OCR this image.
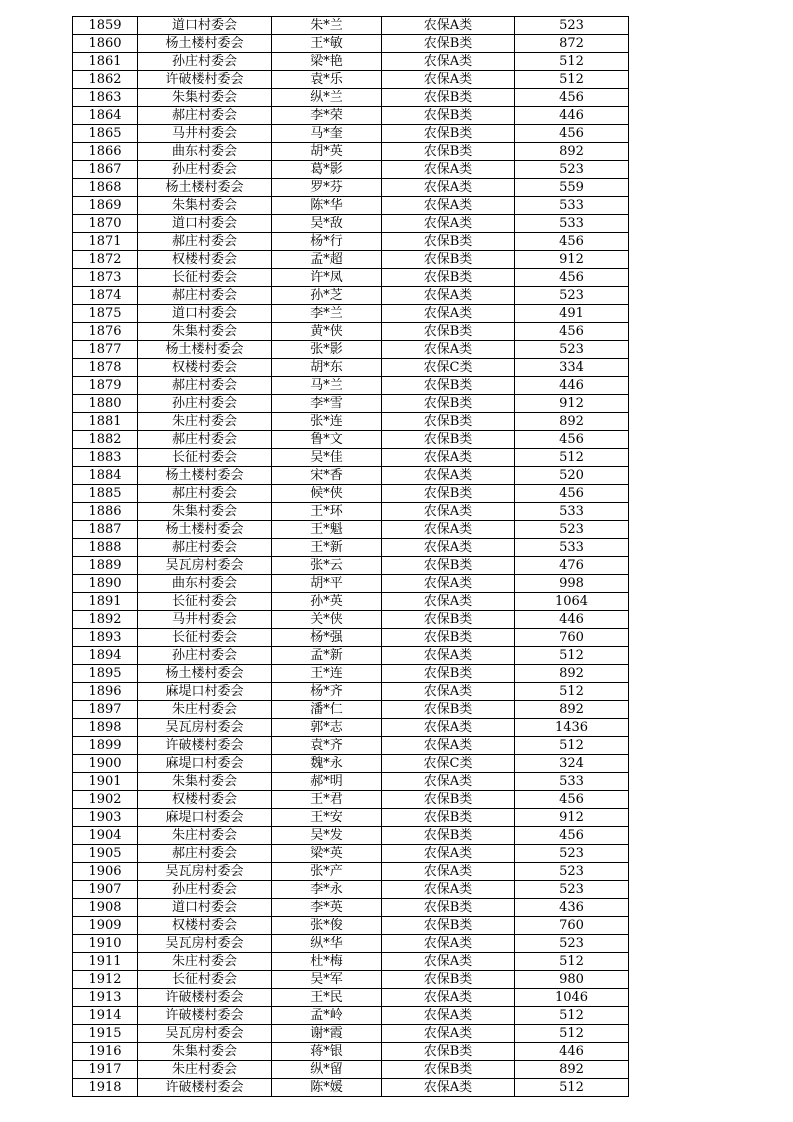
1859	道口村委会	朱*兰	农保A类	523
1860	杨土楼村委会	王*敏	农保B类	872
1861	孙庄村委会	梁*艳	农保A类	512
1862	许破楼村委会	袁*乐	农保A类	512
1863	朱集村委会	纵*兰	农保B类	456
1864	郝庄村委会	李*荣	农保B类	446
1865	马井村委会	马*奎	农保B类	456
1866	曲东村委会	胡*英	农保B类	892
1867	孙庄村委会	葛*影	农保A类	523
1868	杨土楼村委会	罗*芬	农保A类	559
1869	朱集村委会	陈*华	农保A类	533
1870	道口村委会	吴*敌	农保A类	533
1871	郝庄村委会	杨*行	农保B类	456
1872	权楼村委会	孟*超	农保B类	912
1873	长征村委会	许*凤	农保B类	456
1874	郝庄村委会	孙*芝	农保A类	523
1875	道口村委会	李*兰	农保A类	491
1876	朱集村委会	黄*侠	农保B类	456
1877	杨土楼村委会	张*影	农保A类	523
1878	权楼村委会	胡*东	农保C类	334
1879	郝庄村委会	马*兰	农保B类	446
1880	孙庄村委会	李*雪	农保B类	912
1881	朱庄村委会	张*连	农保B类	892
1882	郝庄村委会	鲁*文	农保B类	456
1883	长征村委会	吴*佳	农保A类	512
1884	杨土楼村委会	宋*香	农保A类	520
1885	郝庄村委会	候*侠	农保B类	456
1886	朱集村委会	王*环	农保A类	533
1887	杨土楼村委会	王*魁	农保A类	523
1888	郝庄村委会	王*新	农保A类	533
1889	吴瓦房村委会	张*云	农保B类	476
1890	曲东村委会	胡*平	农保A类	998
1891	长征村委会	孙*英	农保A类	1064
1892	马井村委会	关*侠	农保B类	446
1893	长征村委会	杨*强	农保B类	760
1894	孙庄村委会	孟*新	农保A类	512
1895	杨土楼村委会	王*连	农保B类	892
1896	麻堤口村委会	杨*齐	农保A类	512
1897	朱庄村委会	潘*仁	农保B类	892
1898	吴瓦房村委会	郭*志	农保A类	1436
1899	许破楼村委会	袁*齐	农保A类	512
1900	麻堤口村委会	魏*永	农保C类	324
1901	朱集村委会	郝*明	农保A类	533
1902	权楼村委会	王*君	农保B类	456
1903	麻堤口村委会	王*安	农保B类	912
1904	朱庄村委会	吴*发	农保B类	456
1905	郝庄村委会	梁*英	农保A类	523
1906	吴瓦房村委会	张*产	农保A类	523
1907	孙庄村委会	李*永	农保A类	523
1908	道口村委会	李*英	农保B类	436
1909	权楼村委会	张*俊	农保B类	760
1910	吴瓦房村委会	纵*华	农保A类	523
1911	朱庄村委会	杜*梅	农保A类	512
1912	长征村委会	吴*军	农保B类	980
1913	许破楼村委会	王*民	农保A类	1046
1914	许破楼村委会	孟*岭	农保A类	512
1915	吴瓦房村委会	谢*霞	农保A类	512
1916	朱集村委会	蒋*银	农保B类	446
1917	朱庄村委会	纵*留	农保B类	892
1918	许破楼村委会	陈*媛	农保A类	512
